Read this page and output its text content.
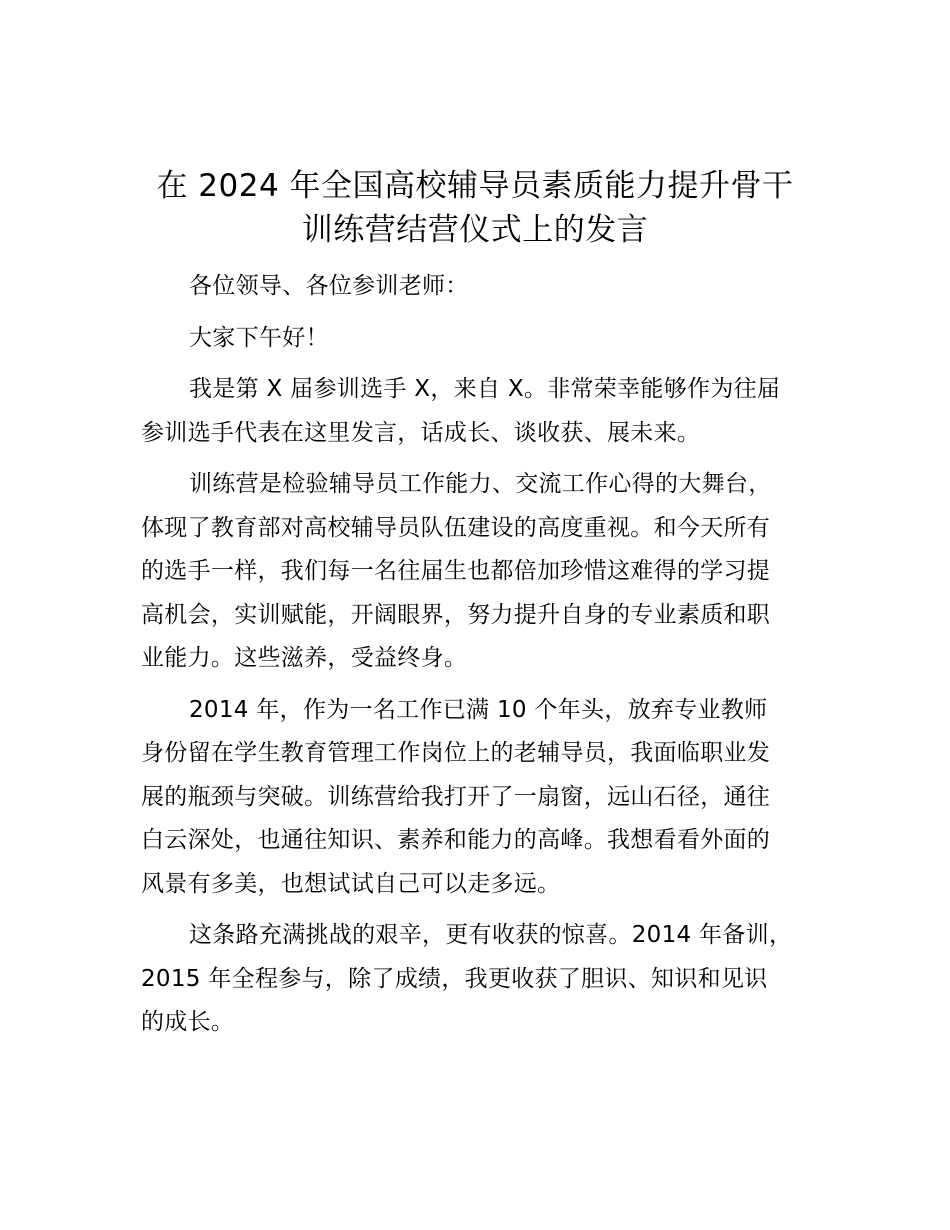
在 2024 年全国高校辅导员素质能力提升骨干
训练营结营仪式上的发言

各位领导、各位参训老师：

大家下午好！

我是第 X 届参训选手 X，来自 X。非常荣幸能够作为往届
参训选手代表在这里发言，话成长、谈收获、展未来。

训练营是检验辅导员工作能力、交流工作心得的大舞台，
体现了教育部对高校辅导员队伍建设的高度重视。和今天所有
的选手一样，我们每一名往届生也都倍加珍惜这难得的学习提
高机会，实训赋能，开阔眼界，努力提升自身的专业素质和职
业能力。这些滋养，受益终身。

2014 年，作为一名工作已满 10 个年头，放弃专业教师
身份留在学生教育管理工作岗位上的老辅导员，我面临职业发
展的瓶颈与突破。训练营给我打开了一扇窗，远山石径，通往
白云深处，也通往知识、素养和能力的高峰。我想看看外面的
风景有多美，也想试试自己可以走多远。

这条路充满挑战的艰辛，更有收获的惊喜。2014 年备训，
2015 年全程参与，除了成绩，我更收获了胆识、知识和见识
的成长。
